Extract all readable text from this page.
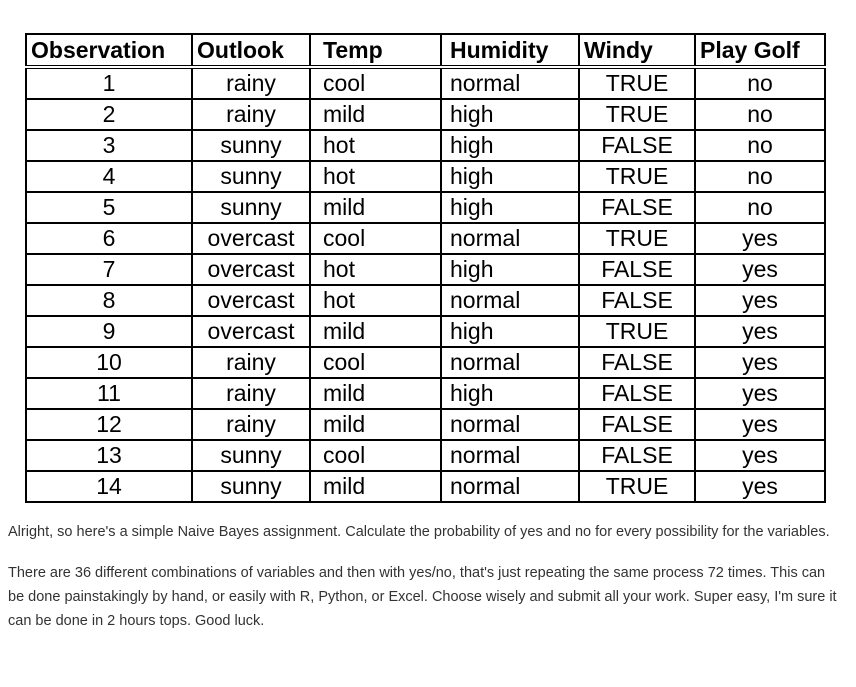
Observation	Outlook	Temp	Humidity	Windy	Play Golf
1	rainy	cool	normal	TRUE	no
2	rainy	mild	high	TRUE	no
3	sunny	hot	high	FALSE	no
4	sunny	hot	high	TRUE	no
5	sunny	mild	high	FALSE	no
6	overcast	cool	normal	TRUE	yes
7	overcast	hot	high	FALSE	yes
8	overcast	hot	normal	FALSE	yes
9	overcast	mild	high	TRUE	yes
10	rainy	cool	normal	FALSE	yes
11	rainy	mild	high	FALSE	yes
12	rainy	mild	normal	FALSE	yes
13	sunny	cool	normal	FALSE	yes
14	sunny	mild	normal	TRUE	yes

Alright, so here's a simple Naive Bayes assignment. Calculate the probability of yes and no for every possibility for the variables.

There are 36 different combinations of variables and then with yes/no, that's just repeating the same process 72 times. This can be done painstakingly by hand, or easily with R, Python, or Excel. Choose wisely and submit all your work. Super easy, I'm sure it can be done in 2 hours tops. Good luck.
